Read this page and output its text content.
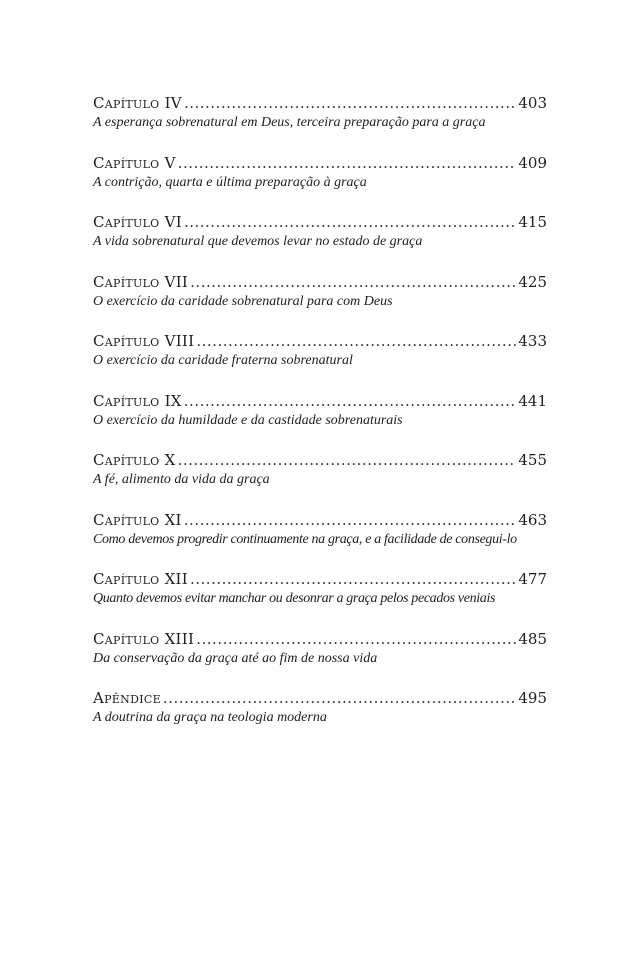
Capítulo IV .....	403
A esperança sobrenatural em Deus, terceira preparação para a graça
Capítulo V .....	409
A contrição, quarta e última preparação à graça
Capítulo VI .....	415
A vida sobrenatural que devemos levar no estado de graça
Capítulo VII .....	425
O exercício da caridade sobrenatural para com Deus
Capítulo VIII .....	433
O exercício da caridade fraterna sobrenatural
Capítulo IX .....	441
O exercício da humildade e da castidade sobrenaturais
Capítulo X .....	455
A fé, alimento da vida da graça
Capítulo XI .....	463
Como devemos progredir continuamente na graça, e a facilidade de consegui-lo
Capítulo XII .....	477
Quanto devemos evitar manchar ou desonrar a graça pelos pecados veniais
Capítulo XIII .....	485
Da conservação da graça até ao fim de nossa vida
Apêndice .....	495
A doutrina da graça na teologia moderna
